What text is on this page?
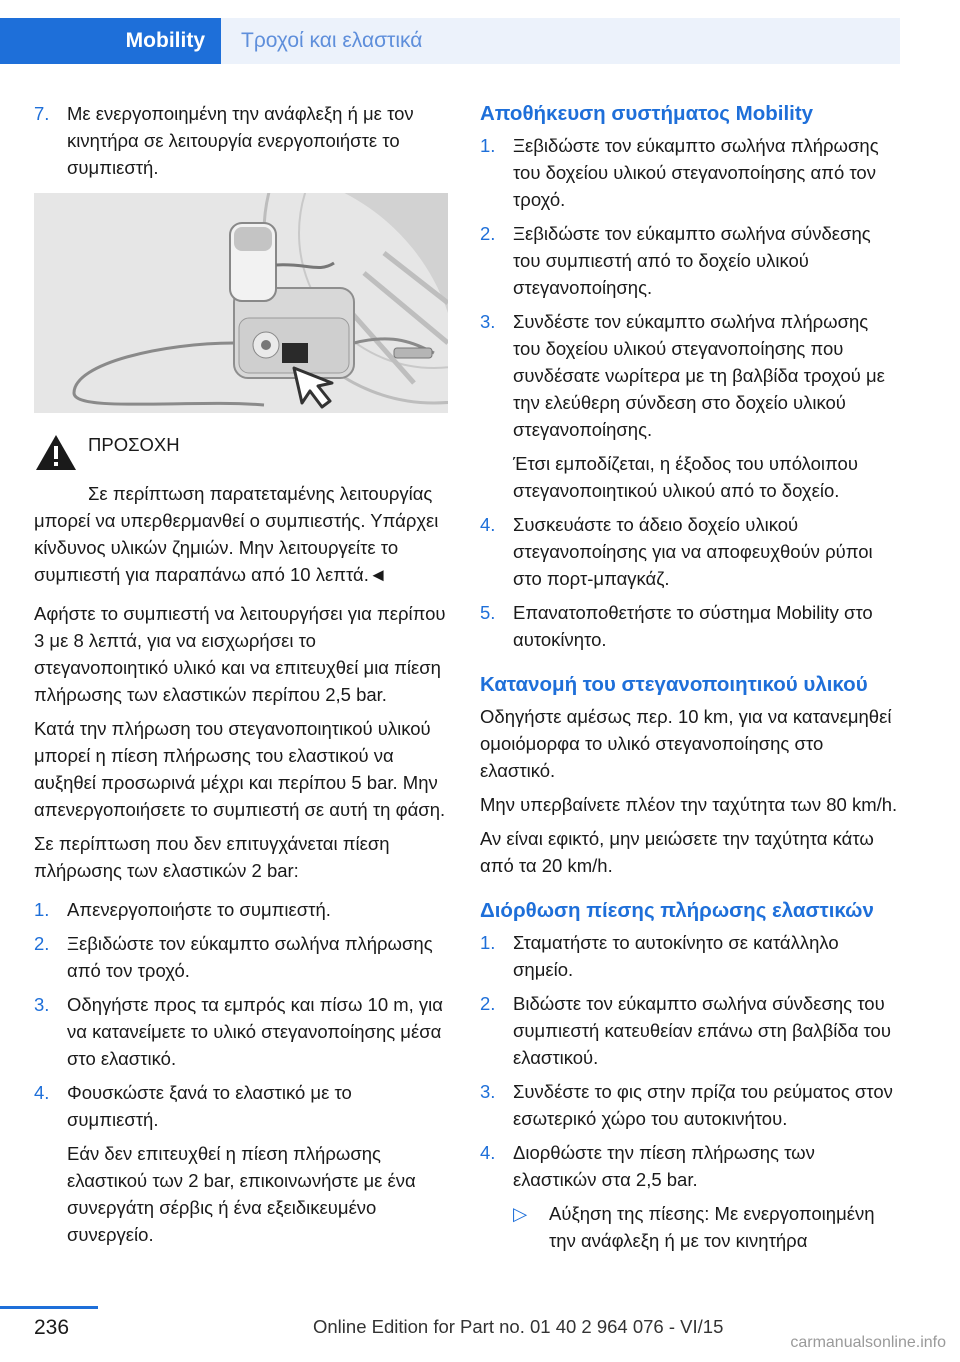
Mobility	Τροχοί και ελαστικά
7. Με ενεργοποιημένη την ανάφλεξη ή με τον κινητήρα σε λειτουργία ενεργοποιήστε το συμπιεστή.
ΠΡΟΣΟΧΗ
Σε περίπτωση παρατεταμένης λειτουργίας μπορεί να υπερθερμανθεί ο συμπιεστής. Υπάρχει κίνδυνος υλικών ζημιών. Μην λειτουργείτε το συμπιεστή για παραπάνω από 10 λεπτά.◄

Αφήστε το συμπιεστή να λειτουργήσει για περίπου 3 με 8 λεπτά, για να εισχωρήσει το στεγανοποιητικό υλικό και να επιτευχθεί μια πίεση πλήρωσης των ελαστικών περίπου 2,5 bar.

Κατά την πλήρωση του στεγανοποιητικού υλικού μπορεί η πίεση πλήρωσης του ελαστικού να αυξηθεί προσωρινά μέχρι και περίπου 5 bar. Μην απενεργοποιήσετε το συμπιεστή σε αυτή τη φάση.

Σε περίπτωση που δεν επιτυγχάνεται πίεση πλήρωσης των ελαστικών 2 bar:

1. Απενεργοποιήστε το συμπιεστή.
2. Ξεβιδώστε τον εύκαμπτο σωλήνα πλήρωσης από τον τροχό.
3. Οδηγήστε προς τα εμπρός και πίσω 10 m, για να κατανείμετε το υλικό στεγανοποίησης μέσα στο ελαστικό.
4. Φουσκώστε ξανά το ελαστικό με το συμπιεστή.
Εάν δεν επιτευχθεί η πίεση πλήρωσης ελαστικού των 2 bar, επικοινωνήστε με ένα συνεργάτη σέρβις ή ένα εξειδικευμένο συνεργείο.
Αποθήκευση συστήματος Mobility
1. Ξεβιδώστε τον εύκαμπτο σωλήνα πλήρωσης του δοχείου υλικού στεγανοποίησης από τον τροχό.
2. Ξεβιδώστε τον εύκαμπτο σωλήνα σύνδεσης του συμπιεστή από το δοχείο υλικού στεγανοποίησης.
3. Συνδέστε τον εύκαμπτο σωλήνα πλήρωσης του δοχείου υλικού στεγανοποίησης που συνδέσατε νωρίτερα με τη βαλβίδα τροχού με την ελεύθερη σύνδεση στο δοχείο υλικού στεγανοποίησης.
Έτσι εμποδίζεται, η έξοδος του υπόλοιπου στεγανοποιητικού υλικού από το δοχείο.
4. Συσκευάστε το άδειο δοχείο υλικού στεγανοποίησης για να αποφευχθούν ρύποι στο πορτ-μπαγκάζ.
5. Επανατοποθετήστε το σύστημα Mobility στο αυτοκίνητο.
Κατανομή του στεγανοποιητικού υλικού

Οδηγήστε αμέσως περ. 10 km, για να κατανεμηθεί ομοιόμορφα το υλικό στεγανοποίησης στο ελαστικό.

Μην υπερβαίνετε πλέον την ταχύτητα των 80 km/h.

Αν είναι εφικτό, μην μειώσετε την ταχύτητα κάτω από τα 20 km/h.

Διόρθωση πίεσης πλήρωσης ελαστικών
1. Σταματήστε το αυτοκίνητο σε κατάλληλο σημείο.
2. Βιδώστε τον εύκαμπτο σωλήνα σύνδεσης του συμπιεστή κατευθείαν επάνω στη βαλβίδα του ελαστικού.
3. Συνδέστε το φις στην πρίζα του ρεύματος στον εσωτερικό χώρο του αυτοκινήτου.
4. Διορθώστε την πίεση πλήρωσης των ελαστικών στα 2,5 bar.
▷	Αύξηση της πίεσης: Με ενεργοποιημένη την ανάφλεξη ή με τον κινητήρα
236	Online Edition for Part no. 01 40 2 964 076 - VI/15
carmanualsonline.info
